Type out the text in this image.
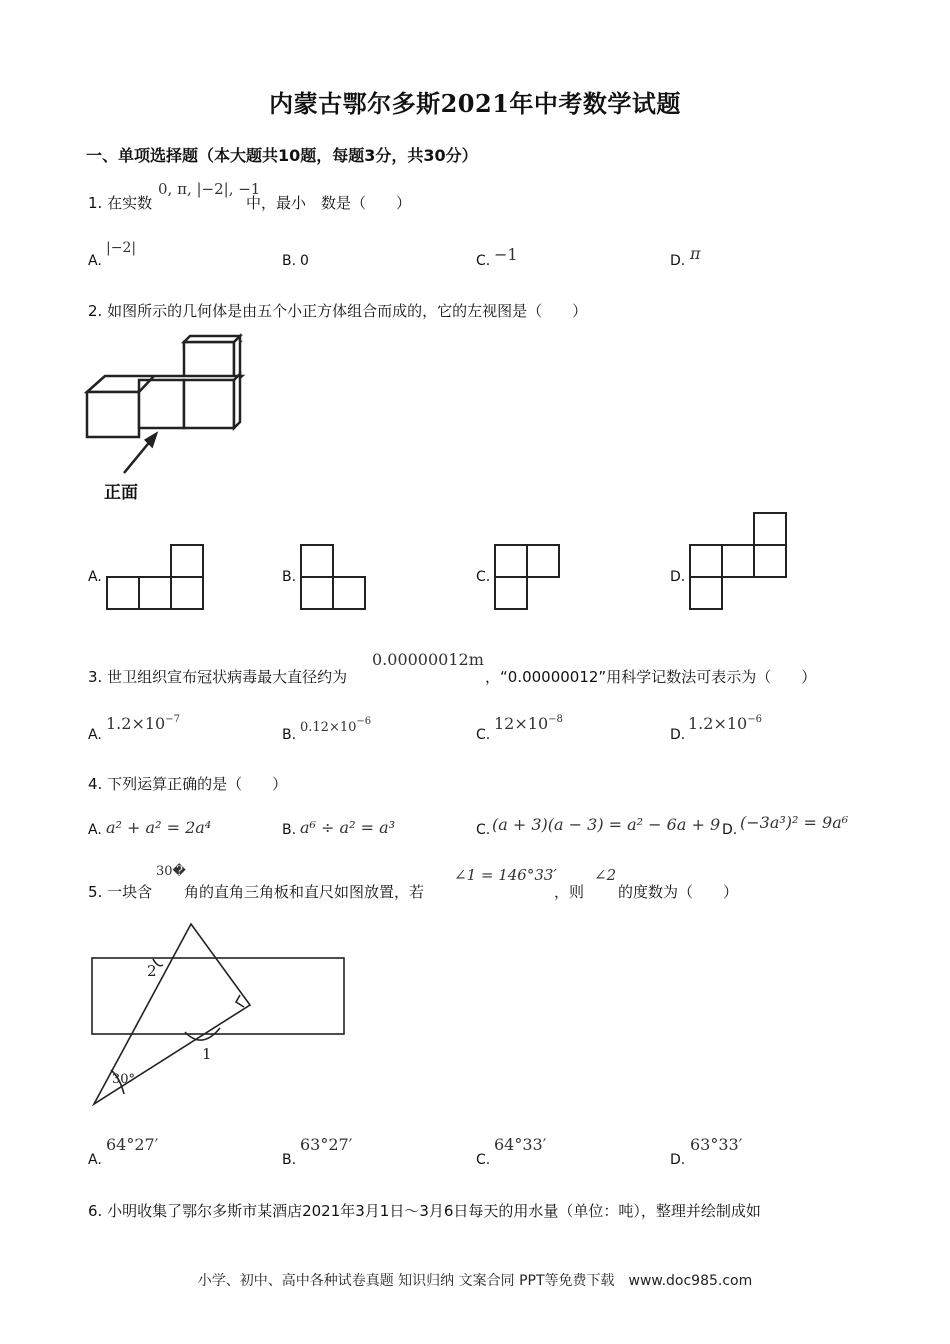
内蒙古鄂尔多斯2021年中考数学试题
一、单项选择题（本大题共10题，每题3分，共30分）
1. 在实数
0, π, |−2|, −1
中，最小　数是（　　）
A.
|−2|
B. 0	C. −1	D. π
2. 如图所示的几何体是由五个小正方体组合而成的，它的左视图是（　　）
正面
A.	B.	C.	D.
3. 世卫组织宣布冠状病毒最大直径约为
0.00000012m
，“0.00000012”用科学记数法可表示为（　　）
A.
$1.2\times 10^{-7}$
B. $0.12\times 10^{-6}$
C.
$12\times 10^{-8}$
D.
$1.2\times 10^{-6}$
4. 下列运算正确的是（　　）
A. a² + a² = 2a⁴	B. a⁶ ÷ a² = a³	C. (a + 3)(a − 3) = a² − 6a + 9 D. (−3a³)² = 9a⁶
5. 一块含
30�
角的直角三角板和直尺如图放置，若
∠1 = 146°33′
，则
∠2
的度数为（　　）
1
2
30°
A.
64°27′
B.
63°27′
C.
64°33′
D.
63°33′
6. 小明收集了鄂尔多斯市某酒店2021年3月1日～3月6日每天的用水量（单位：吨），整理并绘制成如
小学、初中、高中各种试卷真题 知识归纳 文案合同 PPT等免费下载　www.doc985.com
